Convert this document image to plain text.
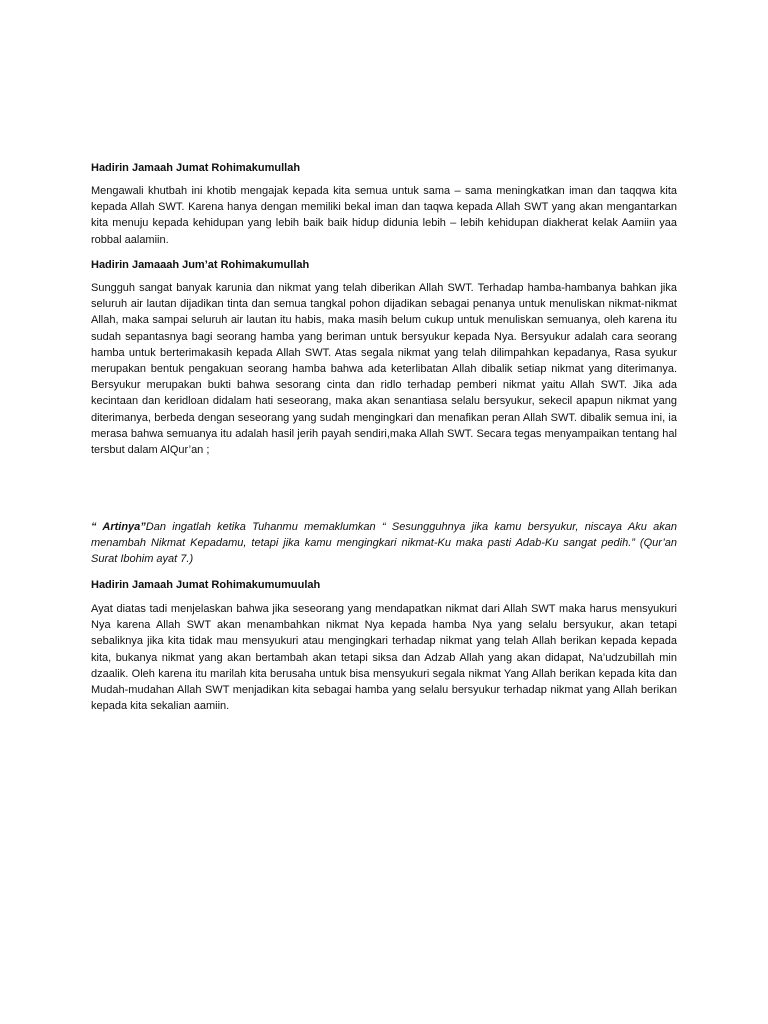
Hadirin Jamaah Jumat Rohimakumullah

Mengawali khutbah ini khotib mengajak kepada kita semua untuk sama – sama meningkatkan iman dan taqqwa kita kepada Allah SWT. Karena hanya dengan memiliki bekal iman dan taqwa kepada Allah SWT yang akan mengantarkan kita menuju kepada kehidupan yang lebih baik baik hidup didunia lebih – lebih kehidupan diakherat kelak Aamiin yaa robbal aalamiin.

Hadirin Jamaaah Jum’at Rohimakumullah

Sungguh sangat banyak karunia dan nikmat yang telah diberikan Allah SWT. Terhadap hamba-hambanya bahkan jika seluruh air lautan dijadikan tinta dan semua tangkal pohon dijadikan sebagai penanya untuk menuliskan nikmat-nikmat Allah, maka sampai seluruh air lautan itu habis, maka masih belum cukup untuk menuliskan semuanya, oleh karena itu sudah sepantasnya bagi seorang hamba yang beriman untuk bersyukur kepada Nya. Bersyukur adalah cara seorang hamba untuk berterimakasih kepada Allah SWT. Atas segala nikmat yang telah dilimpahkan kepadanya, Rasa syukur merupakan bentuk pengakuan seorang hamba bahwa ada keterlibatan Allah dibalik setiap nikmat yang diterimanya. Bersyukur merupakan bukti bahwa sesorang cinta dan ridlo terhadap pemberi nikmat yaitu Allah SWT. Jika ada kecintaan dan keridloan didalam hati seseorang, maka akan senantiasa selalu bersyukur, sekecil apapun nikmat yang diterimanya, berbeda dengan seseorang yang sudah mengingkari dan menafikan peran Allah SWT. dibalik semua ini, ia merasa bahwa semuanya itu adalah hasil jerih payah sendiri,maka Allah SWT. Secara tegas menyampaikan tentang hal tersbut dalam AlQur’an ;

“ Artinya”Dan ingatlah ketika Tuhanmu memaklumkan “ Sesungguhnya jika kamu bersyukur, niscaya Aku akan menambah Nikmat Kepadamu, tetapi jika kamu mengingkari nikmat-Ku maka pasti Adab-Ku sangat pedih.” (Qur’an Surat Ibohim ayat 7.)

Hadirin Jamaah Jumat Rohimakumumuulah

Ayat diatas tadi menjelaskan bahwa jika seseorang yang mendapatkan nikmat dari Allah SWT maka harus mensyukuri Nya karena Allah SWT akan menambahkan nikmat Nya kepada hamba Nya yang selalu bersyukur, akan tetapi sebaliknya jika kita tidak mau mensyukuri atau mengingkari terhadap nikmat yang telah Allah berikan kepada kepada kita, bukanya nikmat yang akan bertambah akan tetapi siksa dan Adzab Allah yang akan didapat, Na’udzubillah min dzaalik. Oleh karena itu marilah kita berusaha untuk bisa mensyukuri segala nikmat Yang Allah berikan kepada kita dan Mudah-mudahan Allah SWT menjadikan kita sebagai hamba yang selalu bersyukur terhadap nikmat yang Allah berikan kepada kita sekalian aamiin.
